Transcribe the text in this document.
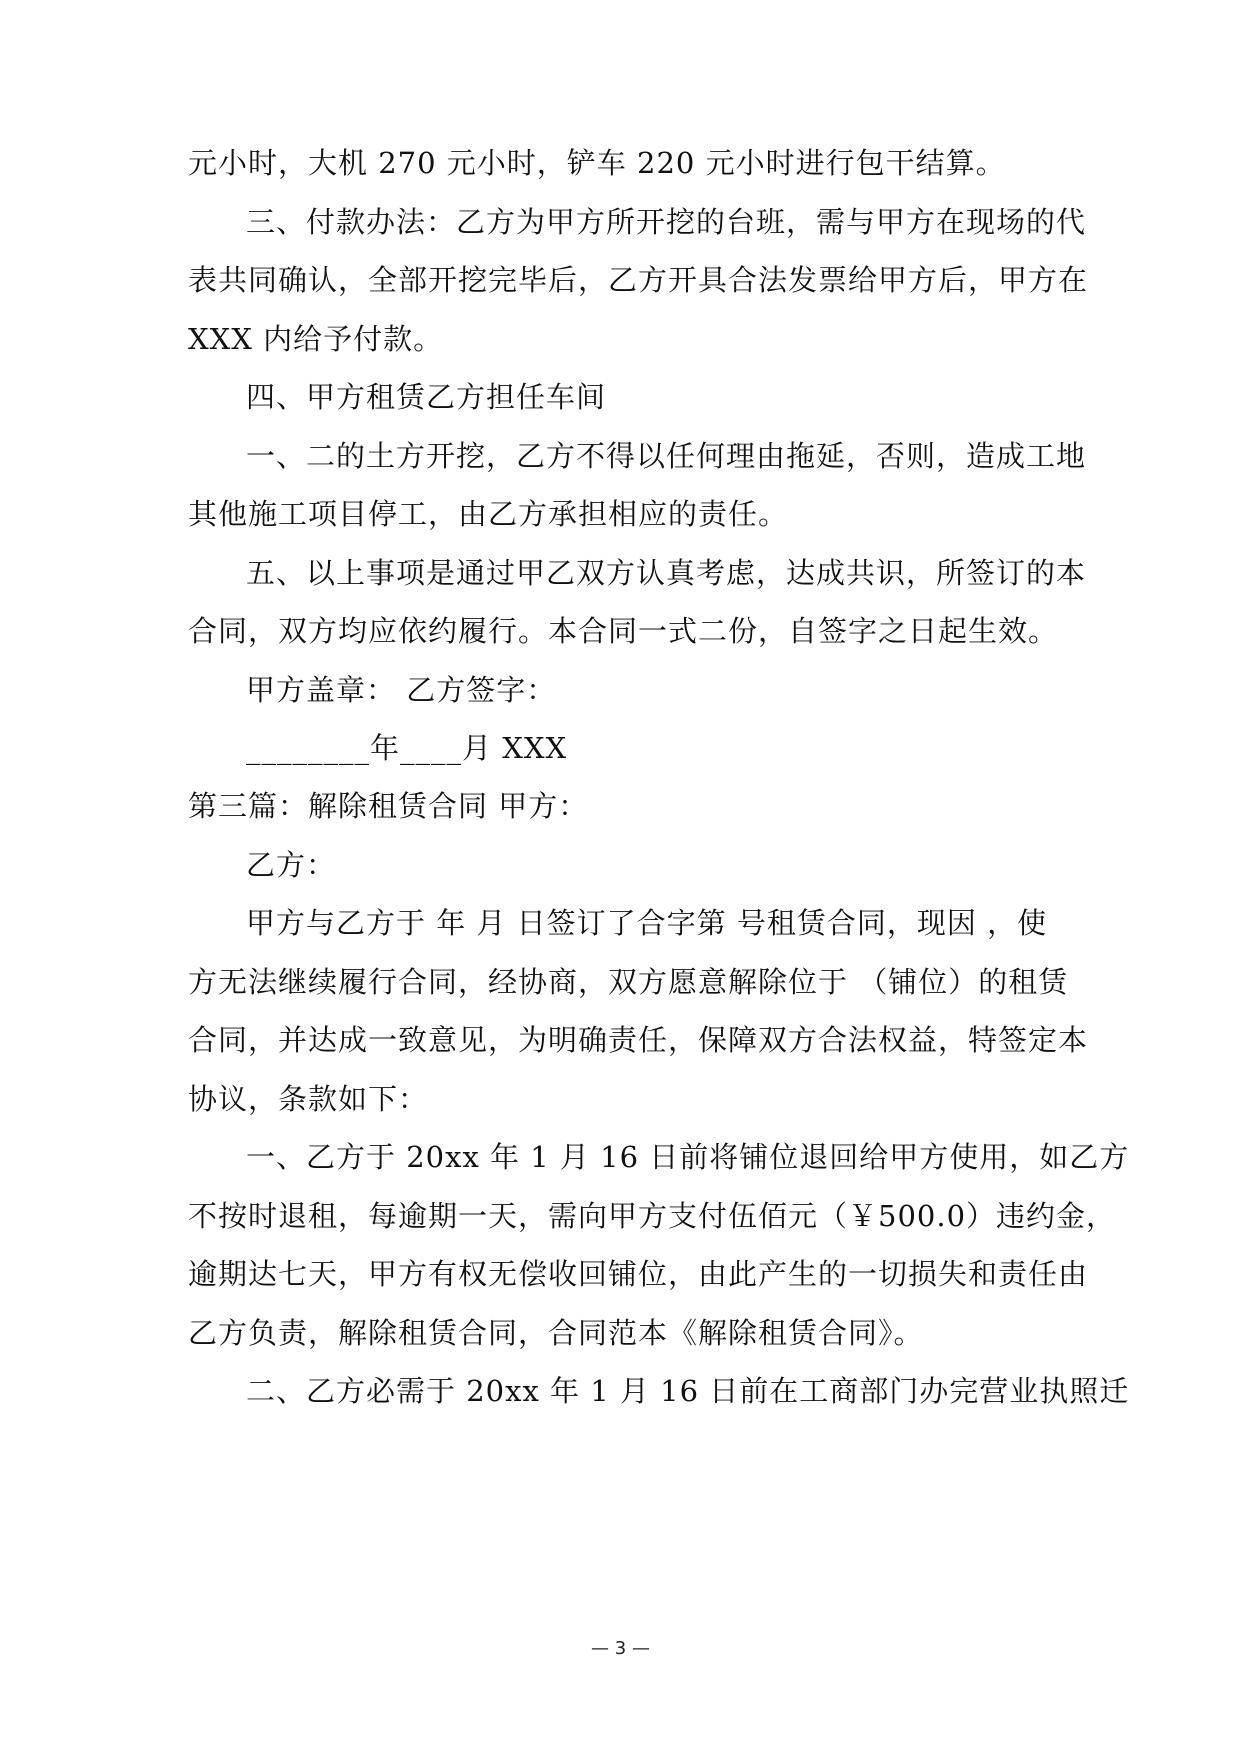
元小时，大机 270 元小时，铲车 220 元小时进行包干结算。
三、付款办法：乙方为甲方所开挖的台班，需与甲方在现场的代
表共同确认，全部开挖完毕后，乙方开具合法发票给甲方后，甲方在
XXX 内给予付款。
四、甲方租赁乙方担任车间
一、二的土方开挖，乙方不得以任何理由拖延，否则，造成工地
其他施工项目停工，由乙方承担相应的责任。
五、以上事项是通过甲乙双方认真考虑，达成共识，所签订的本
合同，双方均应依约履行。本合同一式二份，自签字之日起生效。
甲方盖章： 乙方签字：
________年____月 XXX
第三篇：解除租赁合同 甲方：
乙方：
甲方与乙方于 年 月 日签订了合字第 号租赁合同，现因 ，使
方无法继续履行合同，经协商，双方愿意解除位于 （铺位）的租赁
合同，并达成一致意见，为明确责任，保障双方合法权益，特签定本
协议，条款如下：
一、乙方于 20xx 年 1 月 16 日前将铺位退回给甲方使用，如乙方
不按时退租，每逾期一天，需向甲方支付伍佰元（￥500.0）违约金，
逾期达七天，甲方有权无偿收回铺位，由此产生的一切损失和责任由
乙方负责，解除租赁合同，合同范本《解除租赁合同》。
二、乙方必需于 20xx 年 1 月 16 日前在工商部门办完营业执照迁
— 3 —
